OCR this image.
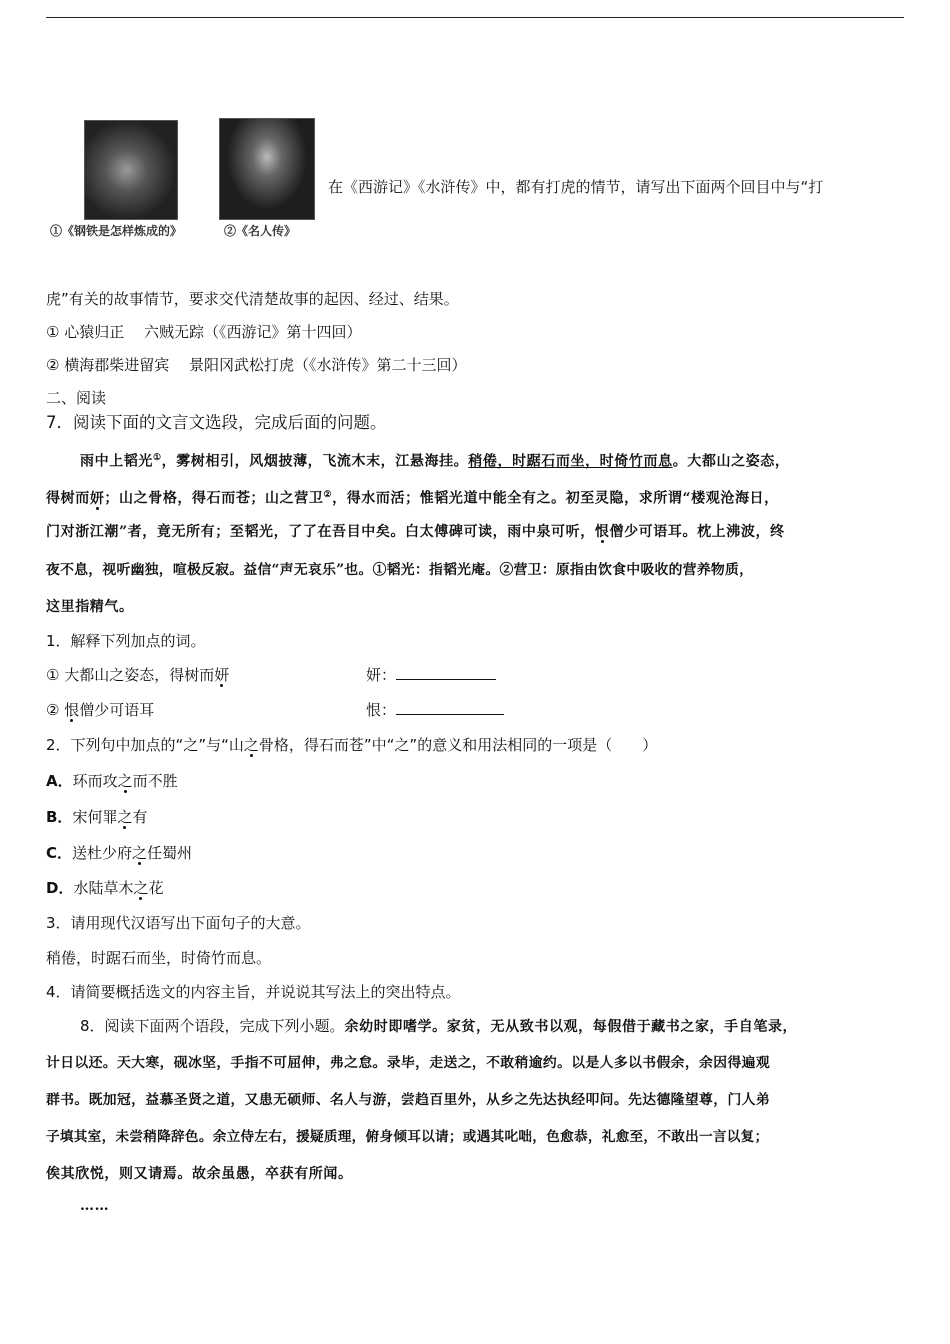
①《钢铁是怎样炼成的》	②《名人传》
在《西游记》《水浒传》中，都有打虎的情节，请写出下面两个回目中与“打
虎”有关的故事情节，要求交代清楚故事的起因、经过、结果。
① 心猿归正　 六贼无踪（《西游记》第十四回）
② 横海郡柴进留宾　 景阳冈武松打虎（《水浒传》第二十三回）
二、阅读
7．阅读下面的文言文选段，完成后面的问题。
雨中上韬光①，雾树相引，风烟披薄，飞流木末，江悬海挂。稍倦，时踞石而坐，时倚竹而息。大都山之姿态，
得树而妍；山之骨格，得石而苍；山之营卫②，得水而活；惟韬光道中能全有之。初至灵隐，求所谓“楼观沧海日，
门对浙江潮”者，竟无所有；至韬光，了了在吾目中矣。白太傅碑可读，雨中泉可听，恨僧少可语耳。枕上沸波，终
夜不息，视听幽独，喧极反寂。益信“声无哀乐”也。①韬光：指韬光庵。②营卫：原指由饮食中吸收的营养物质，
这里指精气。
1．解释下列加点的词。
① 大都山之姿态，得树而妍	妍：
② 恨僧少可语耳	恨：
2．下列句中加点的“之”与“山之骨格，得石而苍”中“之”的意义和用法相同的一项是（　　）
A．环而攻之而不胜
B．宋何罪之有
C．送杜少府之任蜀州
D．水陆草木之花
3．请用现代汉语写出下面句子的大意。
稍倦，时踞石而坐，时倚竹而息。
4．请简要概括选文的内容主旨，并说说其写法上的突出特点。
8．阅读下面两个语段，完成下列小题。余幼时即嗜学。家贫，无从致书以观，每假借于藏书之家，手自笔录，
计日以还。天大寒，砚冰坚，手指不可屈伸，弗之怠。录毕，走送之，不敢稍逾约。以是人多以书假余，余因得遍观
群书。既加冠，益慕圣贤之道，又患无硕师、名人与游，尝趋百里外，从乡之先达执经叩问。先达德隆望尊，门人弟
子填其室，未尝稍降辞色。余立侍左右，援疑质理，俯身倾耳以请；或遇其叱咄，色愈恭，礼愈至，不敢出一言以复；
俟其欣悦，则又请焉。故余虽愚，卒获有所闻。
……
